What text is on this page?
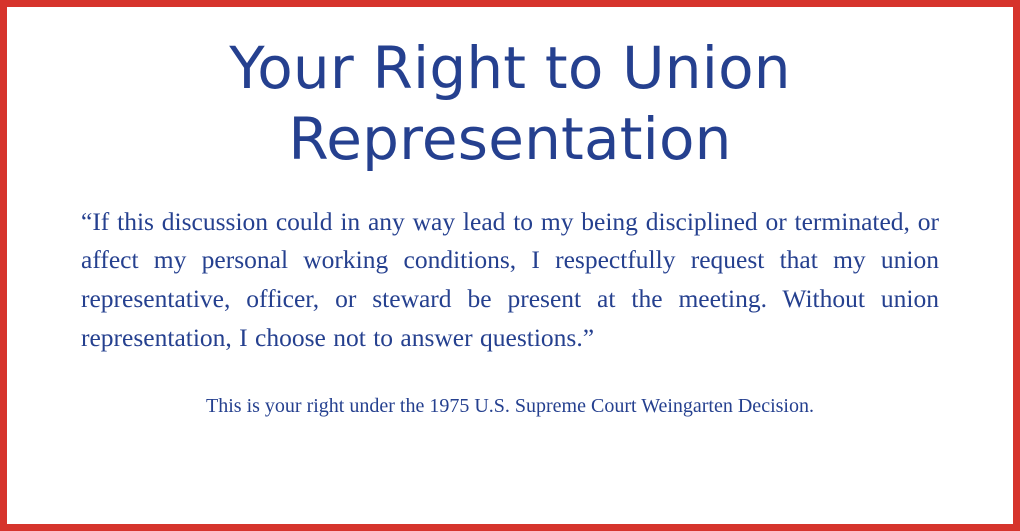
Your Right to Union Representation

“If this discussion could in any way lead to my being disciplined or terminated, or affect my personal working conditions, I respectfully request that my union representative, officer, or steward be present at the meeting. Without union representation, I choose not to answer questions.”

This is your right under the 1975 U.S. Supreme Court Weingarten Decision.
